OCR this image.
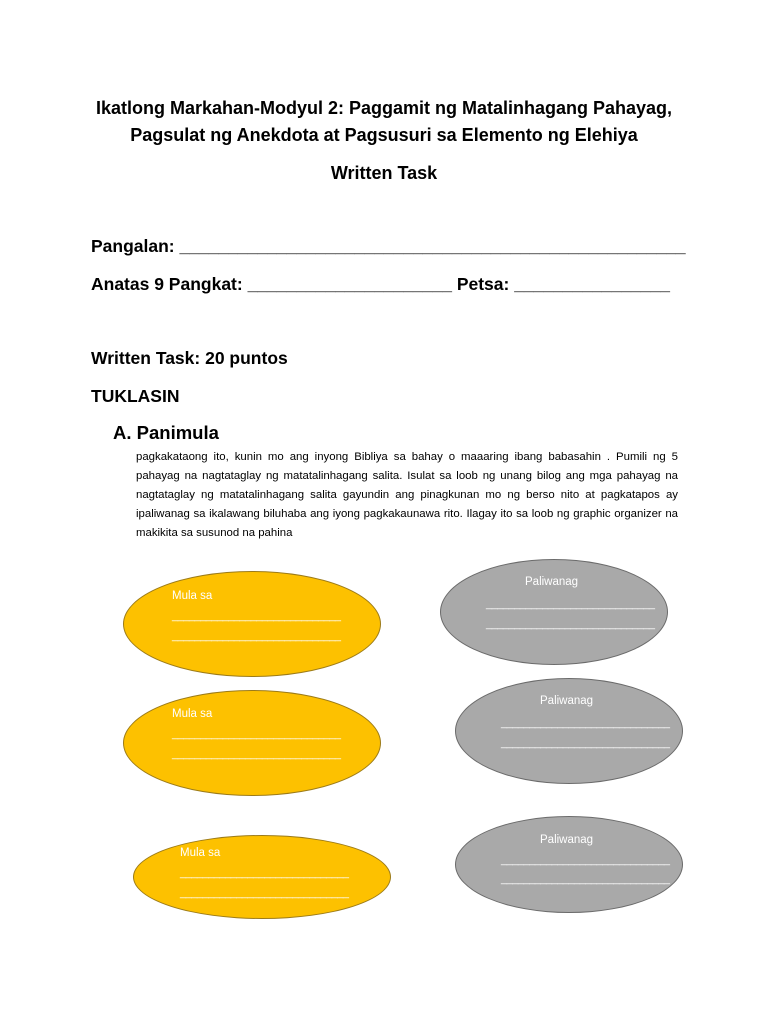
Ikatlong Markahan-Modyul 2: Paggamit ng Matalinhagang Pahayag,
Pagsulat ng Anekdota at Pagsusuri sa Elemento ng Elehiya
Written Task

Pangalan: ____________________________________________________

Anatas 9 Pangkat: _____________________ Petsa: ________________

Written Task: 20 puntos

TUKLASIN

A. Panimula

pagkakataong ito, kunin mo ang inyong Bibliya sa bahay o maaaring ibang babasahin . Pumili ng 5 pahayag na nagtataglay ng matatalinhagang salita. Isulat sa loob ng unang bilog ang mga pahayag na nagtataglay ng matatalinhagang salita gayundin ang pinagkunan mo ng berso nito at pagkatapos ay ipaliwanag sa ikalawang biluhaba ang iyong pagkakaunawa rito. Ilagay ito sa loob ng graphic organizer na makikita sa susunod na pahina

Mula sa
______________________________
______________________________
Paliwanag
______________________________
______________________________
Mula sa
______________________________
______________________________
Paliwanag
______________________________
______________________________
Mula sa
______________________________
______________________________
Paliwanag
______________________________
______________________________
